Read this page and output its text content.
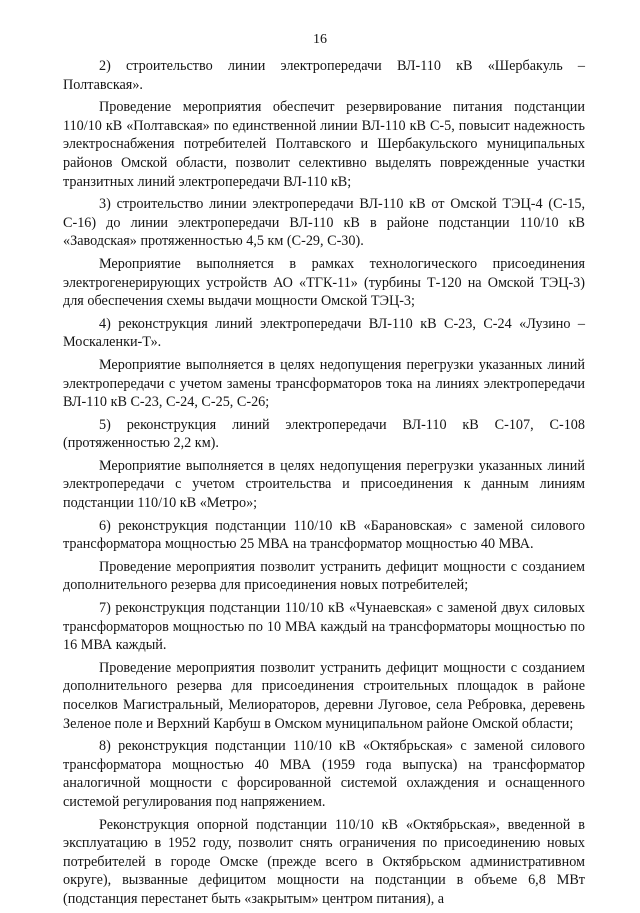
16

2) строительство линии электропередачи ВЛ-110 кВ «Шербакуль – Полтавская».

Проведение мероприятия обеспечит резервирование питания подстанции 110/10 кВ «Полтавская» по единственной линии ВЛ-110 кВ С-5, повысит надежность электроснабжения потребителей Полтавского и Шербакульского муниципальных районов Омской области, позволит селективно выделять поврежденные участки транзитных линий электропередачи ВЛ-110 кВ;

3) строительство линии электропередачи ВЛ-110 кВ от Омской ТЭЦ-4 (С-15, С-16) до линии электропередачи ВЛ-110 кВ в районе подстанции 110/10 кВ «Заводская» протяженностью 4,5 км (С-29, С-30).

Мероприятие выполняется в рамках технологического присоединения электрогенерирующих устройств АО «ТГК-11» (турбины Т-120 на Омской ТЭЦ-3) для обеспечения схемы выдачи мощности Омской ТЭЦ-3;

4) реконструкция линий электропередачи ВЛ-110 кВ С-23, С-24 «Лузино – Москаленки-Т».

Мероприятие выполняется в целях недопущения перегрузки указанных линий электропередачи с учетом замены трансформаторов тока на линиях электропередачи ВЛ-110 кВ С-23, С-24, С-25, С-26;

5) реконструкция линий электропередачи ВЛ-110 кВ С-107, С-108 (протяженностью 2,2 км).

Мероприятие выполняется в целях недопущения перегрузки указанных линий электропередачи с учетом строительства и присоединения к данным линиям подстанции 110/10 кВ «Метро»;

6) реконструкция подстанции 110/10 кВ «Барановская» с заменой силового трансформатора мощностью 25 МВА на трансформатор мощностью 40 МВА.

Проведение мероприятия позволит устранить дефицит мощности с созданием дополнительного резерва для присоединения новых потребителей;

7) реконструкция подстанции 110/10 кВ «Чунаевская» с заменой двух силовых трансформаторов мощностью по 10 МВА каждый на трансформаторы мощностью по 16 МВА каждый.

Проведение мероприятия позволит устранить дефицит мощности с созданием дополнительного резерва для присоединения строительных площадок в районе поселков Магистральный, Мелиораторов, деревни Луговое, села Ребровка, деревень Зеленое поле и Верхний Карбуш в Омском муниципальном районе Омской области;

8) реконструкция подстанции 110/10 кВ «Октябрьская» с заменой силового трансформатора мощностью 40 МВА (1959 года выпуска) на трансформатор аналогичной мощности с форсированной системой охлаждения и оснащенного системой регулирования под напряжением.

Реконструкция опорной подстанции 110/10 кВ «Октябрьская», введенной в эксплуатацию в 1952 году, позволит снять ограничения по присоединению новых потребителей в городе Омске (прежде всего в Октябрьском административном округе), вызванные дефицитом мощности на подстанции в объеме 6,8 МВт (подстанция перестанет быть «закрытым» центром питания), а
